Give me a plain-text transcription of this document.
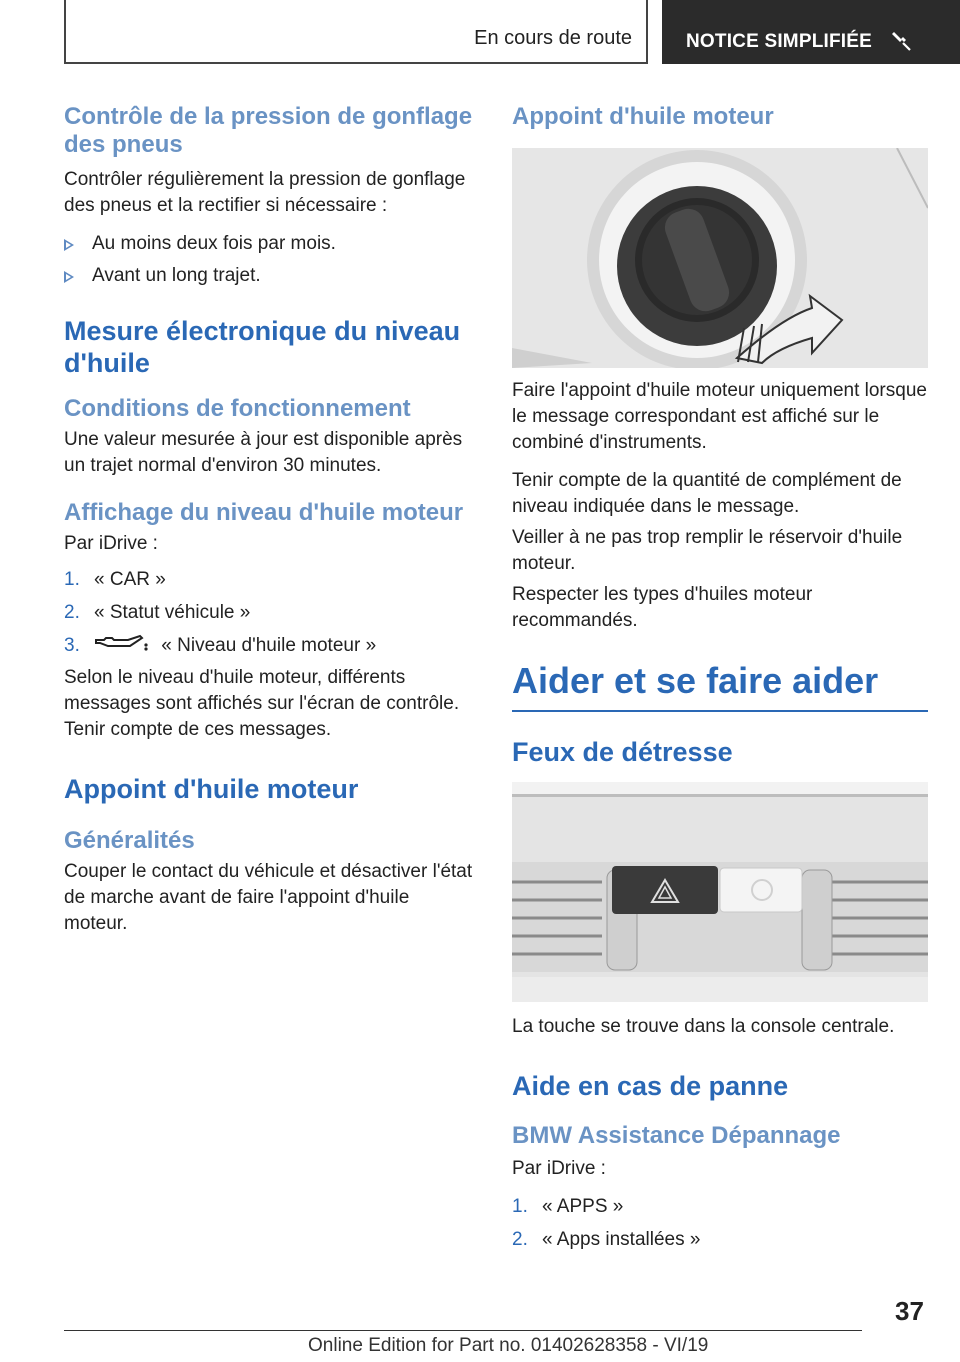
En cours de route	NOTICE SIMPLIFIÉE
Contrôle de la pression de gonflage des pneus

Contrôler régulièrement la pression de gonflage des pneus et la rectifier si nécessaire :

Au moins deux fois par mois.
Avant un long trajet.
Mesure électronique du niveau d'huile
Conditions de fonctionnement

Une valeur mesurée à jour est disponible après un trajet normal d'environ 30 minutes.

Affichage du niveau d'huile moteur

Par iDrive :

1. « CAR »
2. « Statut véhicule »
3.	« Niveau d'huile moteur »

Selon le niveau d'huile moteur, différents messages sont affichés sur l'écran de contrôle. Tenir compte de ces messages.

Appoint d'huile moteur
Généralités

Couper le contact du véhicule et désactiver l'état de marche avant de faire l'appoint d'huile moteur.

Appoint d'huile moteur

Faire l'appoint d'huile moteur uniquement lorsque le message correspondant est affiché sur le combiné d'instruments.

Tenir compte de la quantité de complément de niveau indiquée dans le message.

Veiller à ne pas trop remplir le réservoir d'huile moteur.

Respecter les types d'huiles moteur recommandés.

Aider et se faire aider
Feux de détresse

La touche se trouve dans la console centrale.

Aide en cas de panne
BMW Assistance Dépannage

Par iDrive :

1. « APPS »
2. « Apps installées »
37
Online Edition for Part no. 01402628358 - VI/19
